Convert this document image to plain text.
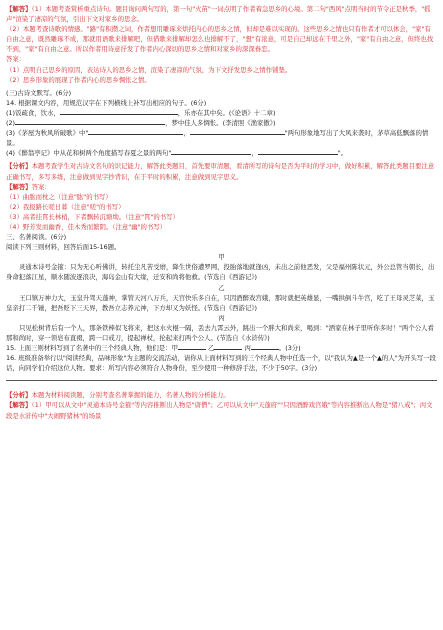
【解答】（1）本题考查赏析重点诗句。题目询问两句写的，第一句"火苗"一词点明了作者着急思乡的心境。第二句"西风"点明当时的节令正是秋季，"摇声"渲染了凄凉的气氛，引出下文对家乡的思念。

（2）本题考查诗歌的情感。"路"有积攒之词，作者想用雕琢来烘托内心的思乡之情，但却是难以实现的。这些思乡之情也只有作者才可以体会，"家"有自由之意，既然雕琢不成，那就用语歌来排解吧，但借歌来排解却怎么也排解不了，"想"有浓意，可是自己却远在千里之外，"家"有自由之意，但终也找不到，"家"有自由之意。所以作者用诗意抒发了作者内心深切的思乡之情和对家乡的深深眷恋。

答案：

（1）点明自己思乡的原因，表达诗人的思乡之情，渲染了凄凉的气氛，为下文抒发思乡之情作铺垫。

（2）思乡形象的展现了作者内心的思乡惆怅之情。

(三)古诗文默写。(6分)

14. 根据课文内容，用规范汉字在下列横线上补写出相应的句子。(6分)

(1)饭疏食，饮水，	，乐亦在其中矣。(《论语》十二章)

(2)	，梦中佳人多惆怅。(李清照《渔家傲》)

(3)《茅屋为秋风所破歌》中"	，	"两句形象地写出了大风来袭时，茅草高低飘落的情景。

(4)《醉翁亭记》中从花和树两个角度描写春夏之景的两句"	，	"。

【分析】本题考查学生对古诗文名句的识记能力，解答此类题目，首先要审清题，看清所写的诗句是否为平时的学习中，做好积累，解答此类题目要注意正确书写，多写多练，注意做到见字抄背识，在于平时的积累，注意做到见字思义。

【解答】答案：

（1）曲肱而枕之（注意"肱"的书写）

（2）我报路长嗟日暮（注意"嗟"的书写）

（3）高者挂罥长林梢，下者飘转沉塘坳。（注意"罥"的书写）

（4）野芳发而幽香，佳木秀而繁阴。（注意"幽"的书写）

三、名著阅读。(6分)

阅读下列三则材料，回答后面15-16题。

甲

灵通本诗号金箍：只为无心听佛讲，转托尘凡苦受磨，降生世俗遭罗网，投胎落地就逢凶，未出之前他恶发，父是福州陈状元，外公总管当朝长，出身命犯落江星，顺水随波逐浪决，海岛金山有大缘，迁安和尚将他救。(节选自《西游记》)

乙

王口镇万神力大，玉皇升驾天蓬神，掌管天河八万兵，天宫快乐多自在，只因酒醉戏宫娥，那时就把英雄显，一嘴拱倒斗牛宫，吃了王母灵芝菜，玉皇亲打二千锤，把吾贬下三天界，教吾立志养元神，下方却又为妖怪。(节选自《西游记》)

丙

只见松树背后有一个人，那条铁棒似飞将来，把这水火棍一隔，丢去九霄云外，跳出一个胖大和尚来，喝到："洒家在林子里听你多时！"两个公人看那和尚时，穿一领皂布直裰，跨一口戒刀，提起禅杖，抡起来打两个公人。(节选自《水浒传》)

15. 上面三则材料写到了名著中的三个经典人物，他们是：甲	乙	丙	。(3分)

16. 班级准备举行以"阅读经典，品味形象"为主题的交流活动，请你从上面材料写到的三个经典人物中任选一个，以"我认为▲是一个▲的人"为开头写一段话，向同学们介绍这位人物。要求：所写内容必须符合人物身份，至少使用一种修辞手法，不少于50字。(3分)

【分析】本题为材料阅读题，分别考查名著掌握的能力，名著人物的分析能力。

【解答】（1）甲可以从文中"灵通本诗号金箍"等内容推断出人物是"唐僧"；乙可以从文中"天蓬府""只因酒醉戏宫娥"等内容推断出人物是"猪八戒"；丙文段是水浒传中"大闹野猪林"的场景
